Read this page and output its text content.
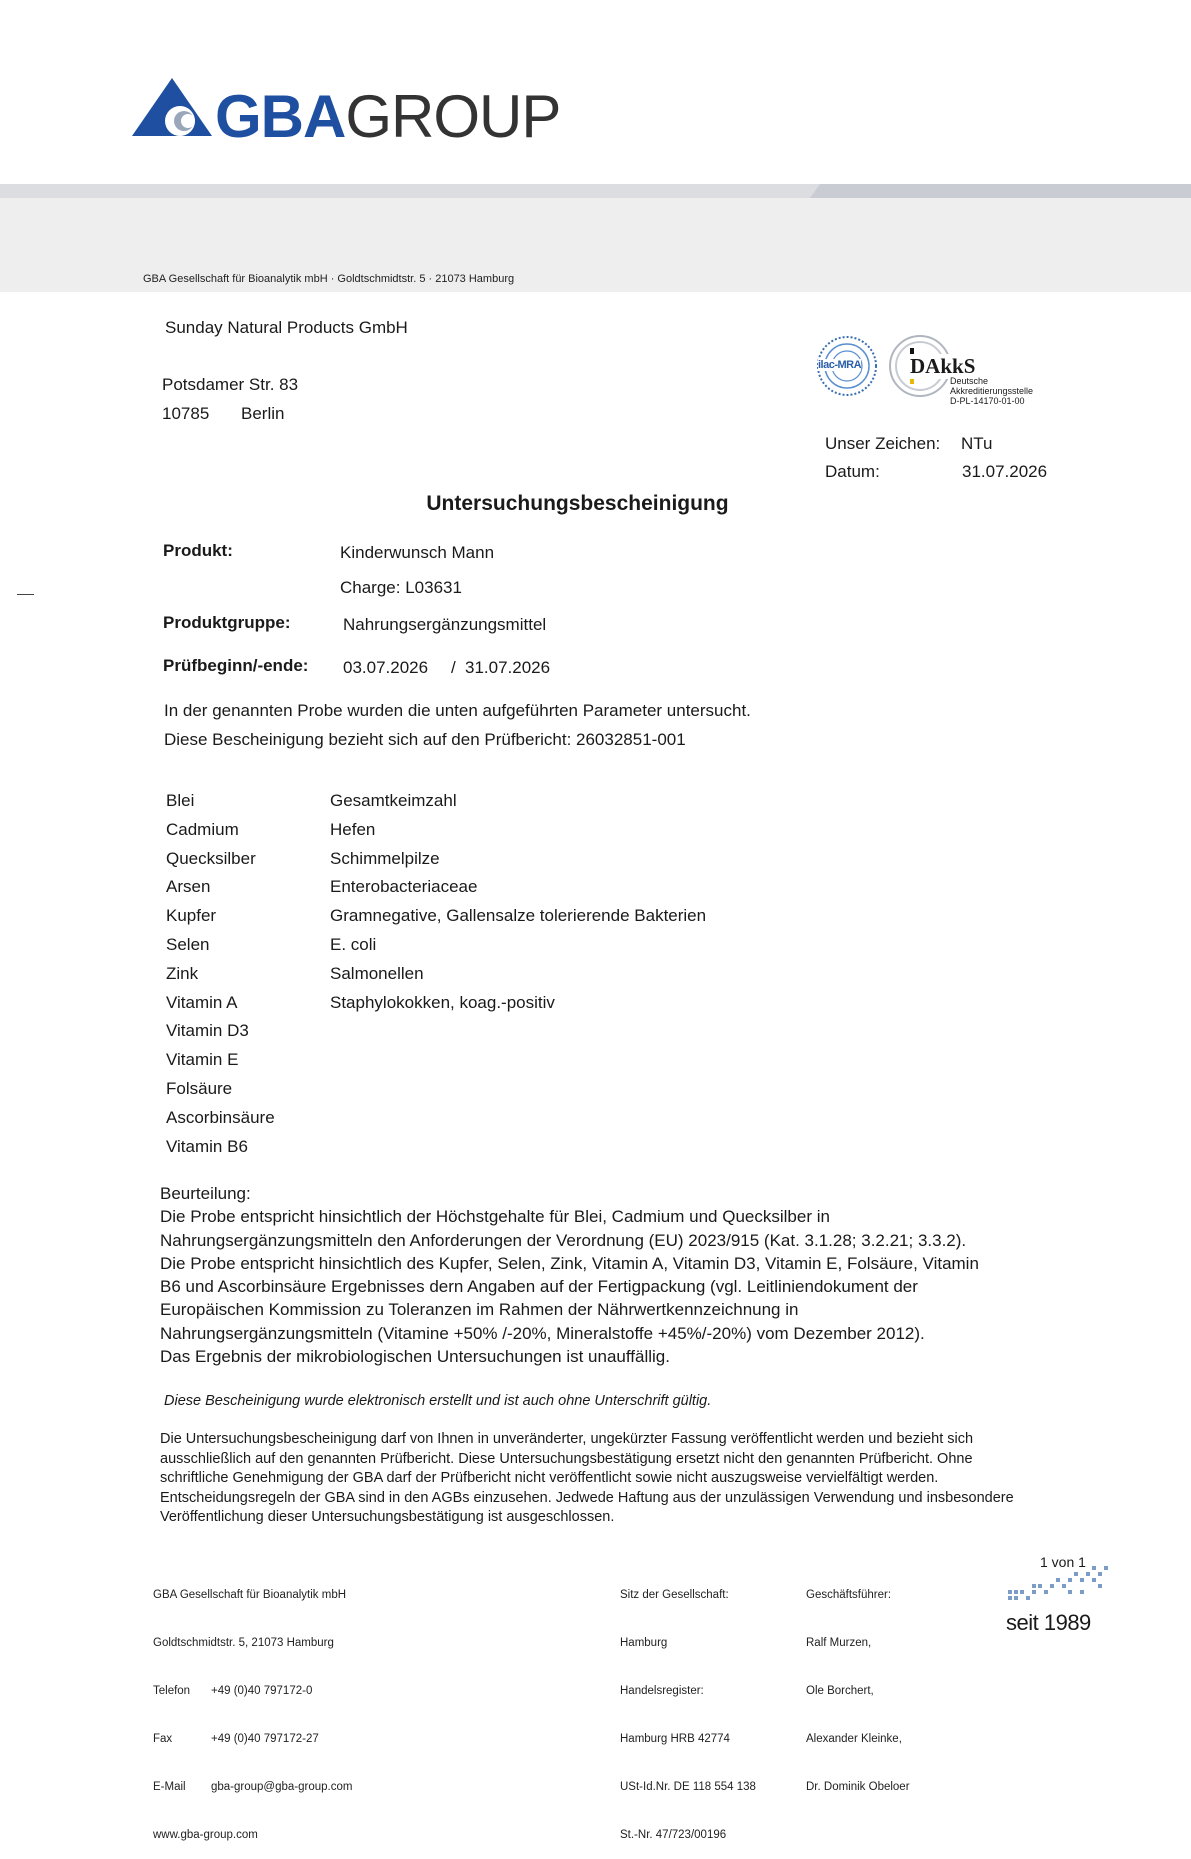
GBAGROUP
GBA Gesellschaft für Bioanalytik mbH · Goldtschmidtstr. 5 · 21073 Hamburg
Sunday Natural Products GmbH
Potsdamer Str. 83
10785 Berlin
ilac-MRA DAkkS
Deutsche
Akkreditierungsstelle
D-PL-14170-01-00
Unser Zeichen: NTu
Datum:	31.07.2026
Untersuchungsbescheinigung
Produkt:	Kinderwunsch Mann
Charge: L03631
Produktgruppe:	Nahrungsergänzungsmittel
Prüfbeginn/-ende: 03.07.2026 / 31.07.2026
In der genannten Probe wurden die unten aufgeführten Parameter untersucht.
Diese Bescheinigung bezieht sich auf den Prüfbericht: 26032851-001
Blei	Gesamtkeimzahl
Cadmium	Hefen
Quecksilber	Schimmelpilze
Arsen	Enterobacteriaceae
Kupfer	Gramnegative, Gallensalze tolerierende Bakterien
Selen	E. coli
Zink	Salmonellen
Vitamin A	Staphylokokken, koag.-positiv
Vitamin D3	
Vitamin E	
Folsäure	
Ascorbinsäure	
Vitamin B6	
Beurteilung:
Die Probe entspricht hinsichtlich der Höchstgehalte für Blei, Cadmium und Quecksilber in
Nahrungsergänzungsmitteln den Anforderungen der Verordnung (EU) 2023/915 (Kat. 3.1.28; 3.2.21; 3.3.2).
Die Probe entspricht hinsichtlich des Kupfer, Selen, Zink, Vitamin A, Vitamin D3, Vitamin E, Folsäure, Vitamin
B6 und Ascorbinsäure Ergebnisses dern Angaben auf der Fertigpackung (vgl. Leitliniendokument der
Europäischen Kommission zu Toleranzen im Rahmen der Nährwertkennzeichnung in
Nahrungsergänzungsmitteln (Vitamine +50% /-20%, Mineralstoffe +45%/-20%) vom Dezember 2012).
Das Ergebnis der mikrobiologischen Untersuchungen ist unauffällig.
Diese Bescheinigung wurde elektronisch erstellt und ist auch ohne Unterschrift gültig.
Die Untersuchungsbescheinigung darf von Ihnen in unveränderter, ungekürzter Fassung veröffentlicht werden und bezieht sich
ausschließlich auf den genannten Prüfbericht. Diese Untersuchungsbestätigung ersetzt nicht den genannten Prüfbericht. Ohne
schriftliche Genehmigung der GBA darf der Prüfbericht nicht veröffentlicht sowie nicht auszugsweise vervielfältigt werden.
Entscheidungsregeln der GBA sind in den AGBs einzusehen. Jedwede Haftung aus der unzulässigen Verwendung und insbesondere
Veröffentlichung dieser Untersuchungsbestätigung ist ausgeschlossen.

GBA Gesellschaft für Bioanalytik mbH

Goldtschmidtstr. 5, 21073 Hamburg

Telefon +49 (0)40 797172-0

Fax	+49 (0)40 797172-27

E-Mail gba-group@gba-group.com

www.gba-group.com

Sitz der Gesellschaft:

Hamburg

Handelsregister:

Hamburg HRB 42774

USt-Id.Nr. DE 118 554 138

St.-Nr. 47/723/00196

Geschäftsführer:

Ralf Murzen,

Ole Borchert,

Alexander Kleinke,

Dr. Dominik Obeloer

1 von 1
seit 1989
